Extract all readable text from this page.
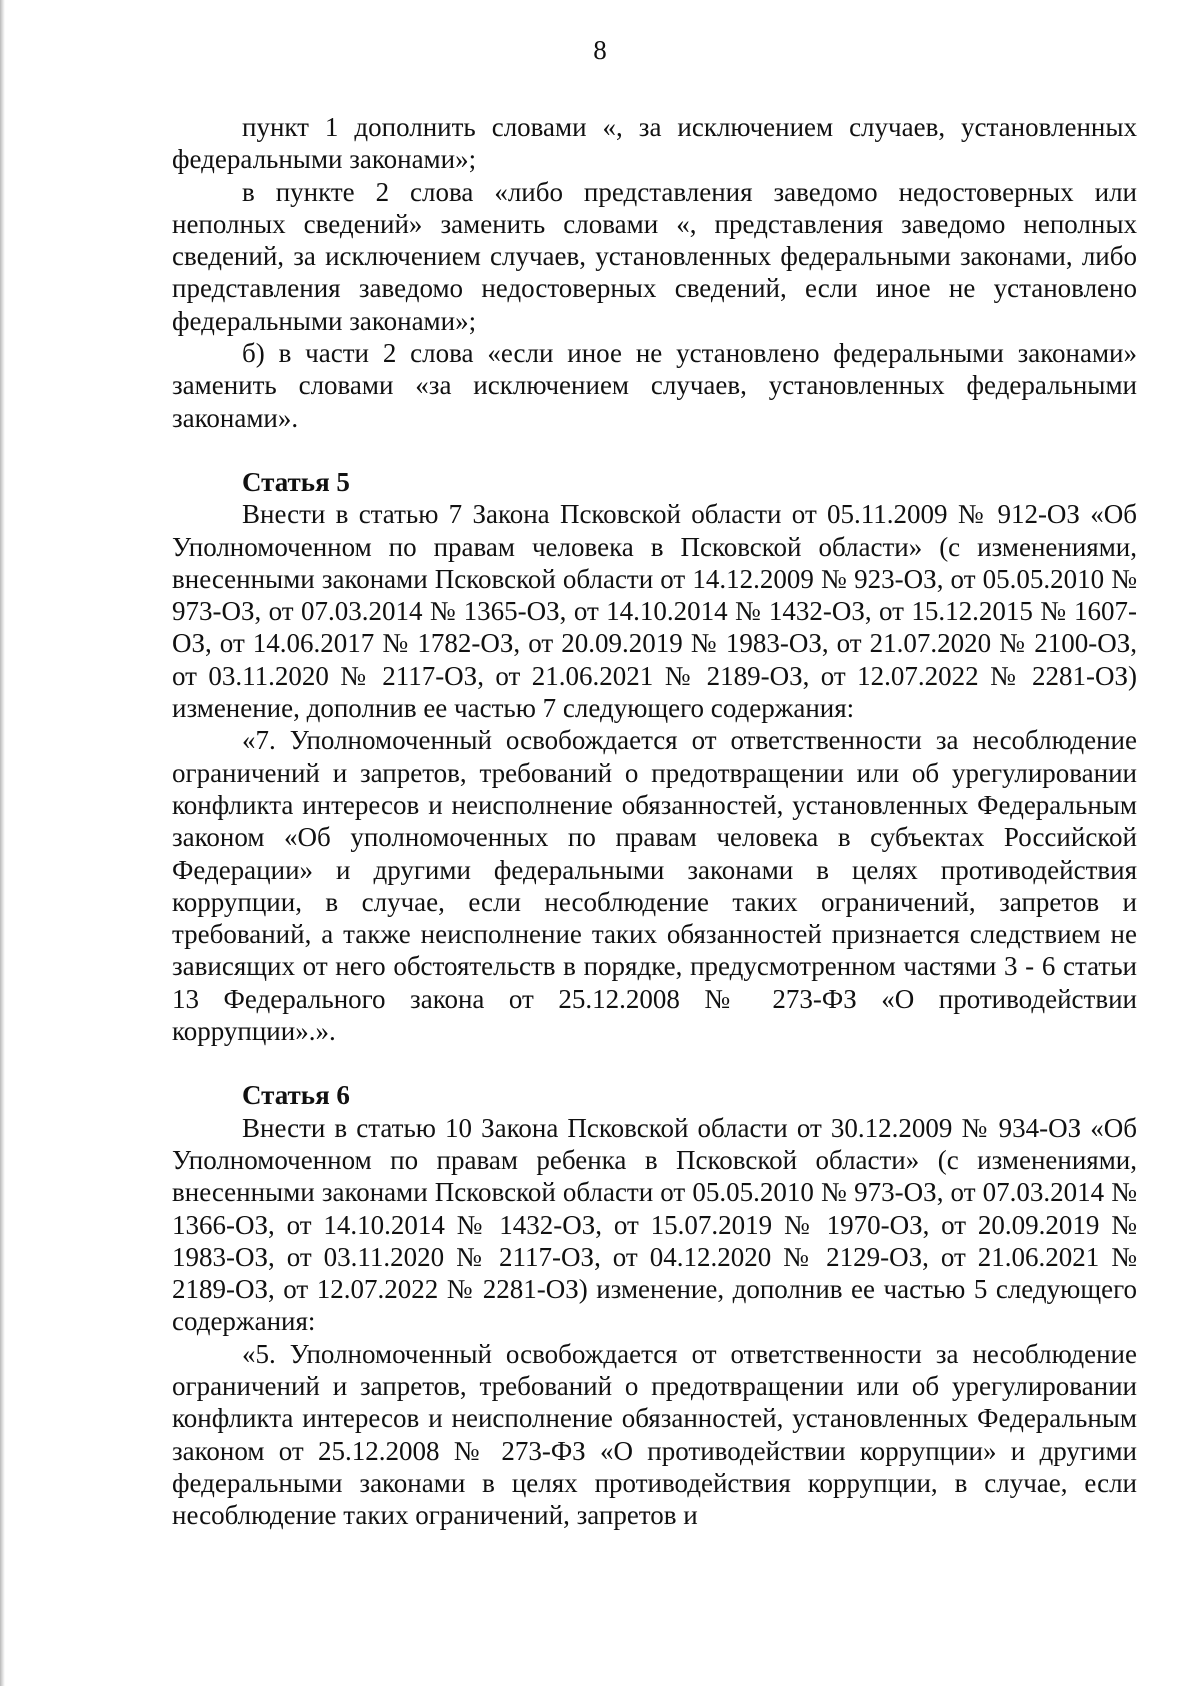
8

пункт 1 дополнить словами «, за исключением случаев, установленных федеральными законами»;

в пункте 2 слова «либо представления заведомо недостоверных или неполных сведений» заменить словами «, представления заведомо неполных сведений, за исключением случаев, установленных федеральными законами, либо представления заведомо недостоверных сведений, если иное не установлено федеральными законами»;

б) в части 2 слова «если иное не установлено федеральными законами» заменить словами «за исключением случаев, установленных федеральными законами».

Статья 5

Внести в статью 7 Закона Псковской области от 05.11.2009 № 912-ОЗ «Об Уполномоченном по правам человека в Псковской области» (с изменениями, внесенными законами Псковской области от 14.12.2009 № 923-ОЗ, от 05.05.2010 № 973-ОЗ, от 07.03.2014 № 1365-ОЗ, от 14.10.2014 № 1432-ОЗ, от 15.12.2015 № 1607-ОЗ, от 14.06.2017 № 1782-ОЗ, от 20.09.2019 № 1983-ОЗ, от 21.07.2020 № 2100-ОЗ, от 03.11.2020 № 2117-ОЗ, от 21.06.2021 № 2189-ОЗ, от 12.07.2022 № 2281-ОЗ) изменение, дополнив ее частью 7 следующего содержания:

«7. Уполномоченный освобождается от ответственности за несоблюдение ограничений и запретов, требований о предотвращении или об урегулировании конфликта интересов и неисполнение обязанностей, установленных Федеральным законом «Об уполномоченных по правам человека в субъектах Российской Федерации» и другими федеральными законами в целях противодействия коррупции, в случае, если несоблюдение таких ограничений, запретов и требований, а также неисполнение таких обязанностей признается следствием не зависящих от него обстоятельств в порядке, предусмотренном частями 3 - 6 статьи 13 Федерального закона от 25.12.2008 № 273-ФЗ «О противодействии коррупции».».

Статья 6

Внести в статью 10 Закона Псковской области от 30.12.2009 № 934-ОЗ «Об Уполномоченном по правам ребенка в Псковской области» (с изменениями, внесенными законами Псковской области от 05.05.2010 № 973-ОЗ, от 07.03.2014 № 1366-ОЗ, от 14.10.2014 № 1432-ОЗ, от 15.07.2019 № 1970-ОЗ, от 20.09.2019 № 1983-ОЗ, от 03.11.2020 № 2117-ОЗ, от 04.12.2020 № 2129-ОЗ, от 21.06.2021 № 2189-ОЗ, от 12.07.2022 № 2281-ОЗ) изменение, дополнив ее частью 5 следующего содержания:

«5. Уполномоченный освобождается от ответственности за несоблюдение ограничений и запретов, требований о предотвращении или об урегулировании конфликта интересов и неисполнение обязанностей, установленных Федеральным законом от 25.12.2008 № 273-ФЗ «О противодействии коррупции» и другими федеральными законами в целях противодействия коррупции, в случае, если несоблюдение таких ограничений, запретов и
